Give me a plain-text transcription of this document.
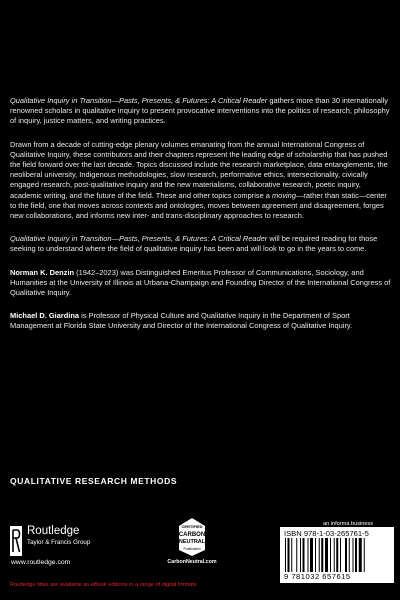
Qualitative Inquiry in Transition—Pasts, Presents, & Futures: A Critical Reader gathers more than 30 internationally renowned scholars in qualitative inquiry to present provocative interventions into the politics of research, philosophy of inquiry, justice matters, and writing practices.

Drawn from a decade of cutting-edge plenary volumes emanating from the annual International Congress of Qualitative Inquiry, these contributors and their chapters represent the leading edge of scholarship that has pushed the field forward over the last decade. Topics discussed include the research marketplace, data entanglements, the neoliberal university, Indigenous methodologies, slow research, performative ethics, intersectionality, civically engaged research, post-qualitative inquiry and the new materialisms, collaborative research, poetic inquiry, academic writing, and the future of the field. These and other topics comprise a moving—rather than static—center to the field, one that moves across contexts and ontologies, moves between agreement and disagreement, forges new collaborations, and informs new inter- and trans-disciplinary approaches to research.

Qualitative Inquiry in Transition—Pasts, Presents, & Futures: A Critical Reader will be required reading for those seeking to understand where the field of qualitative inquiry has been and will look to go in the years to come.

Norman K. Denzin (1942–2023) was Distinguished Emeritus Professor of Communications, Sociology, and Humanities at the University of Illinois at Urbana-Champaign and Founding Director of the International Congress of Qualitative Inquiry.

Michael D. Giardina is Professor of Physical Culture and Qualitative Inquiry in the Department of Sport Management at Florida State University and Director of the International Congress of Qualitative Inquiry.

QUALITATIVE RESEARCH METHODS
Routledge
Taylor & Francis Group
www.routledge.com
CERTIFIED
CARBON
NEUTRAL
Publication
CarbonNeutral.com
an informa business
ISBN 978-1-03-265761-5
9 781032 657615
Routledge titles are available as eBook editions in a range of digital formats
